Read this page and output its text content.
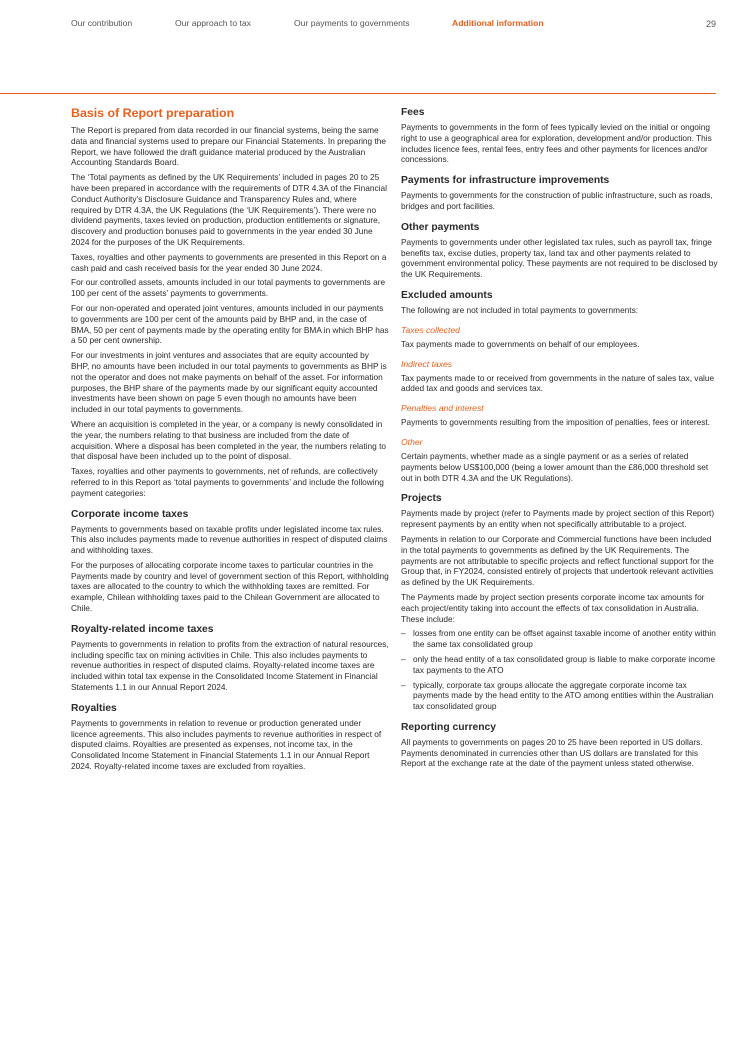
Our contribution	Our approach to tax	Our payments to governments	Additional information	29
Basis of Report preparation

The Report is prepared from data recorded in our financial systems, being the same data and financial systems used to prepare our Financial Statements. In preparing the Report, we have followed the draft guidance material produced by the Australian Accounting Standards Board.

The ‘Total payments as defined by the UK Requirements’ included in pages 20 to 25 have been prepared in accordance with the requirements of DTR 4.3A of the Financial Conduct Authority’s Disclosure Guidance and Transparency Rules and, where required by DTR 4.3A, the UK Regulations (the ‘UK Requirements’). There were no dividend payments, taxes levied on production, production entitlements or signature, discovery and production bonuses paid to governments in the year ended 30 June 2024 for the purposes of the UK Requirements.

Taxes, royalties and other payments to governments are presented in this Report on a cash paid and cash received basis for the year ended 30 June 2024.

For our controlled assets, amounts included in our total payments to governments are 100 per cent of the assets’ payments to governments.

For our non-operated and operated joint ventures, amounts included in our payments to governments are 100 per cent of the amounts paid by BHP and, in the case of BMA, 50 per cent of payments made by the operating entity for BMA in which BHP has a 50 per cent ownership.

For our investments in joint ventures and associates that are equity accounted by BHP, no amounts have been included in our total payments to governments as BHP is not the operator and does not make payments on behalf of the asset. For information purposes, the BHP share of the payments made by our significant equity accounted investments have been shown on page 5 even though no amounts have been included in our total payments to governments.

Where an acquisition is completed in the year, or a company is newly consolidated in the year, the numbers relating to that business are included from the date of acquisition. Where a disposal has been completed in the year, the numbers relating to that disposal have been included up to the point of disposal.

Taxes, royalties and other payments to governments, net of refunds, are collectively referred to in this Report as ‘total payments to governments’ and include the following payment categories:

Corporate income taxes

Payments to governments based on taxable profits under legislated income tax rules. This also includes payments made to revenue authorities in respect of disputed claims and withholding taxes.

For the purposes of allocating corporate income taxes to particular countries in the Payments made by country and level of government section of this Report, withholding taxes are allocated to the country to which the withholding taxes are remitted. For example, Chilean withholding taxes paid to the Chilean Government are allocated to Chile.

Royalty-related income taxes

Payments to governments in relation to profits from the extraction of natural resources, including specific tax on mining activities in Chile. This also includes payments to revenue authorities in respect of disputed claims. Royalty-related income taxes are included within total tax expense in the Consolidated Income Statement in Financial Statements 1.1 in our Annual Report 2024.

Royalties

Payments to governments in relation to revenue or production generated under licence agreements. This also includes payments to revenue authorities in respect of disputed claims. Royalties are presented as expenses, not income tax, in the Consolidated Income Statement in Financial Statements 1.1 in our Annual Report 2024. Royalty-related income taxes are excluded from royalties.

Fees

Payments to governments in the form of fees typically levied on the initial or ongoing right to use a geographical area for exploration, development and/or production. This includes licence fees, rental fees, entry fees and other payments for licences and/or concessions.

Payments for infrastructure improvements

Payments to governments for the construction of public infrastructure, such as roads, bridges and port facilities.

Other payments

Payments to governments under other legislated tax rules, such as payroll tax, fringe benefits tax, excise duties, property tax, land tax and other payments related to government environmental policy. These payments are not required to be disclosed by the UK Requirements.

Excluded amounts

The following are not included in total payments to governments:

Taxes collected

Tax payments made to governments on behalf of our employees.

Indirect taxes

Tax payments made to or received from governments in the nature of sales tax, value added tax and goods and services tax.

Penalties and interest

Payments to governments resulting from the imposition of penalties, fees or interest.

Other

Certain payments, whether made as a single payment or as a series of related payments below US$100,000 (being a lower amount than the £86,000 threshold set out in both DTR 4.3A and the UK Regulations).

Projects

Payments made by project (refer to Payments made by project section of this Report) represent payments by an entity when not specifically attributable to a project.

Payments in relation to our Corporate and Commercial functions have been included in the total payments to governments as defined by the UK Requirements. The payments are not attributable to specific projects and reflect functional support for the Group that, in FY2024, consisted entirely of projects that undertook relevant activities as defined by the UK Requirements.

The Payments made by project section presents corporate income tax amounts for each project/entity taking into account the effects of tax consolidation in Australia. These include:

– losses from one entity can be offset against taxable income of another entity within the same tax consolidated group
– only the head entity of a tax consolidated group is liable to make corporate income tax payments to the ATO
– typically, corporate tax groups allocate the aggregate corporate income tax payments made by the head entity to the ATO among entities within the Australian tax consolidated group
Reporting currency

All payments to governments on pages 20 to 25 have been reported in US dollars. Payments denominated in currencies other than US dollars are translated for this Report at the exchange rate at the date of the payment unless stated otherwise.
